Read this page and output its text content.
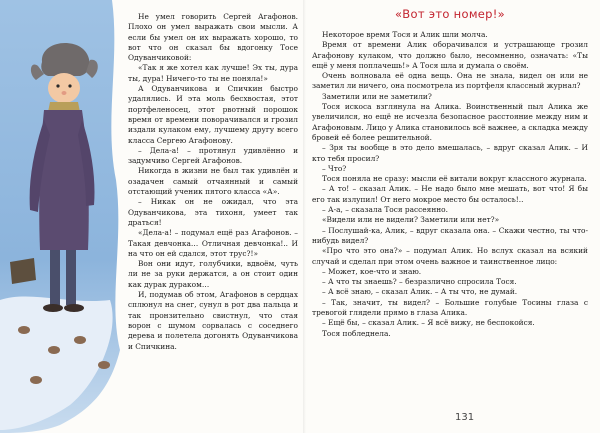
Не умел говорить Сергей Агафонов. Плохо он умел выражать свои мысли. А если бы умел он их выражать хорошо, то вот что он сказал бы вдогонку Тосе Одуванчиковой:

«Так я же хотел как лучше! Эх ты, дура ты, дура! Ничего-то ты не поняла!»

А Одуванчикова и Спичкин быстро удалялись. И эта моль бесхвостая, этот портфеленосец, этот рвотный порошок время от времени поворачивался и грозил издали кулаком ему, лучшему другу всего класса Сергею Агафонову.

– Дела-а! – протянул удивлённо и задумчиво Сергей Агафонов.

Никогда в жизни не был так удивлён и озадачен самый отчаянный и самый отстающий ученик пятого класса «А».

– Никак он не ожидал, что эта Одуванчикова, эта тихоня, умеет так драться!

«Дела-а! – подумал ещё раз Агафонов. – Такая девчонка… Отличная девчонка!.. И на что он ей сдался, этот трус?!»

Вон они идут, голубчики, вдвоём, чуть ли не за руки держатся, а он стоит один как дурак дураком…

И, подумав об этом, Агафонов в сердцах сплюнул на снег, сунул в рот два пальца и так пронзительно свистнул, что стая ворон с шумом сорвалась с соседнего дерева и полетела догонять Одуванчикова и Спичкина.

«Вот это номер!»

Некоторое время Тося и Алик шли молча.

Время от времени Алик оборачивался и устрашающе грозил Агафонову кулаком, что должно было, несомненно, означать: «Ты ещё у меня поплачешь!» А Тося шла и думала о своём.

Очень волновала её одна вещь. Она не знала, видел он или не заметил ли ничего, она посмотрела из портфеля классный журнал?

Заметили или не заметили?

Тося искоса взглянула на Алика. Воинственный пыл Алика же увеличился, но ещё не исчезла безопасное расстояние между ним и Агафоновым. Лицо у Алика становилось всё важнее, а складка между бровей её более решительной.

– Зря ты вообще в это дело вмешалась, – вдруг сказал Алик. – И кто тебя просил?

– Что?

Тося поняла не сразу: мысли её витали вокруг классного журнала.

– А то! – сказал Алик. – Не надо было мне мешать, вот что! Я бы его так излупил! От него мокрое место бы осталось!..

– А-а, – сказала Тося рассеянно.

«Видели или не видели? Заметили или нет?»

– Послушай-ка, Алик, – вдруг сказала она. – Скажи честно, ты что-нибудь видел?

«Про что это она?» – подумал Алик. Но вслух сказал на всякий случай и сделал при этом очень важное и таинственное лицо:

– Может, кое-что и знаю.

– А что ты знаешь? – безразлично спросила Тося.

– А всё знаю, – сказал Алик. – А ты что, не думай.

– Так, значит, ты видел? – Большие голубые Тосины глаза с тревогой глядели прямо в глаза Алика.

– Ещё бы, – сказал Алик. – Я всё вижу, не беспокойся.

Тося побледнела.

131
